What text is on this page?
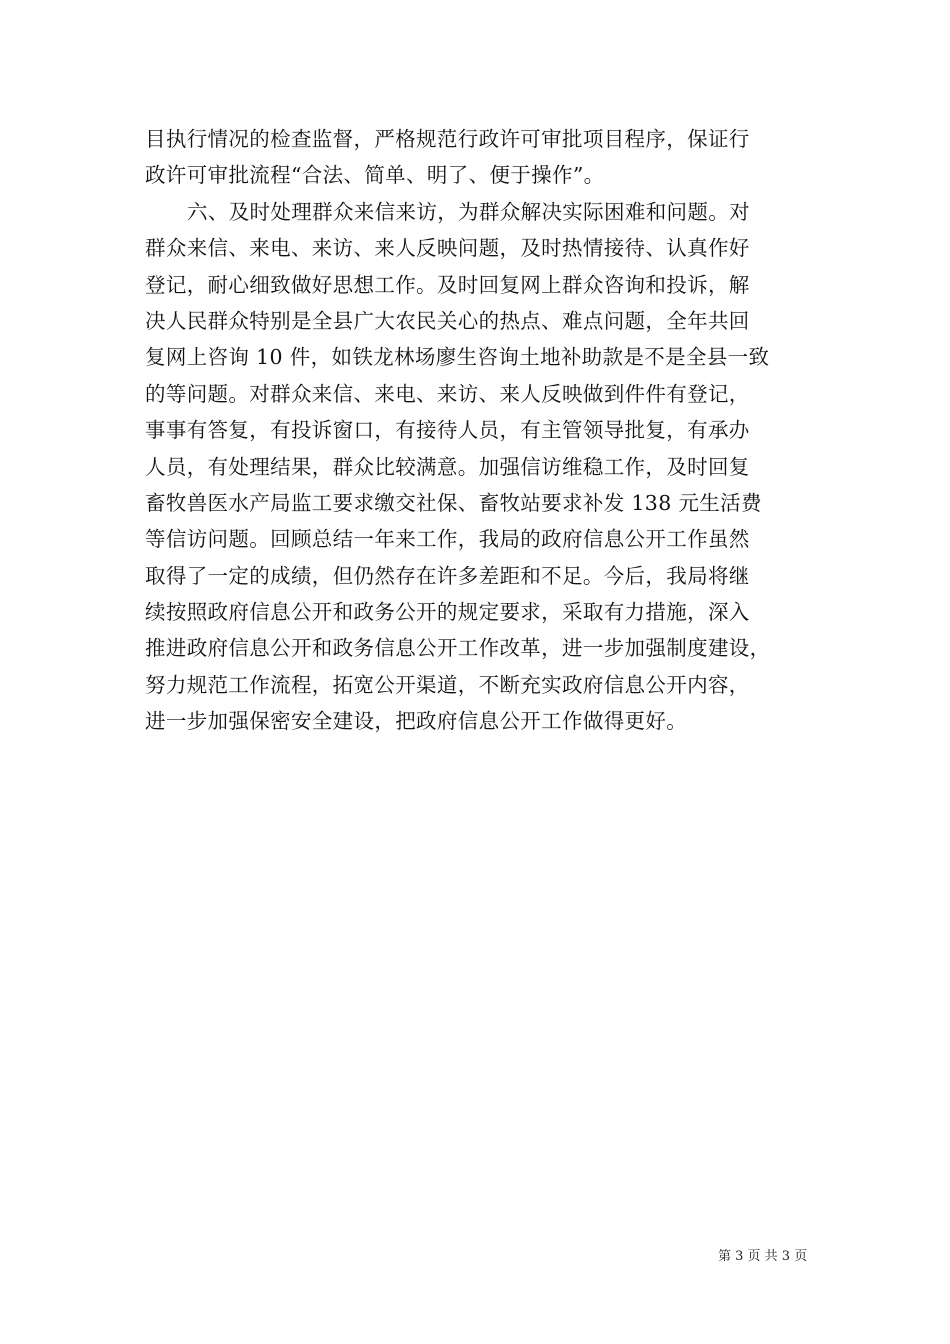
目执行情况的检查监督，严格规范行政许可审批项目程序，保证行
政许可审批流程“合法、简单、明了、便于操作”。
六、及时处理群众来信来访，为群众解决实际困难和问题。对
群众来信、来电、来访、来人反映问题，及时热情接待、认真作好
登记，耐心细致做好思想工作。及时回复网上群众咨询和投诉，解
决人民群众特别是全县广大农民关心的热点、难点问题，全年共回
复网上咨询 10 件，如铁龙林场廖生咨询土地补助款是不是全县一致
的等问题。对群众来信、来电、来访、来人反映做到件件有登记，
事事有答复，有投诉窗口，有接待人员，有主管领导批复，有承办
人员，有处理结果，群众比较满意。加强信访维稳工作，及时回复
畜牧兽医水产局监工要求缴交社保、畜牧站要求补发 138 元生活费
等信访问题。回顾总结一年来工作，我局的政府信息公开工作虽然
取得了一定的成绩，但仍然存在许多差距和不足。今后，我局将继
续按照政府信息公开和政务公开的规定要求，采取有力措施，深入
推进政府信息公开和政务信息公开工作改革，进一步加强制度建设，
努力规范工作流程，拓宽公开渠道，不断充实政府信息公开内容，
进一步加强保密安全建设，把政府信息公开工作做得更好。
第 3 页 共 3 页
